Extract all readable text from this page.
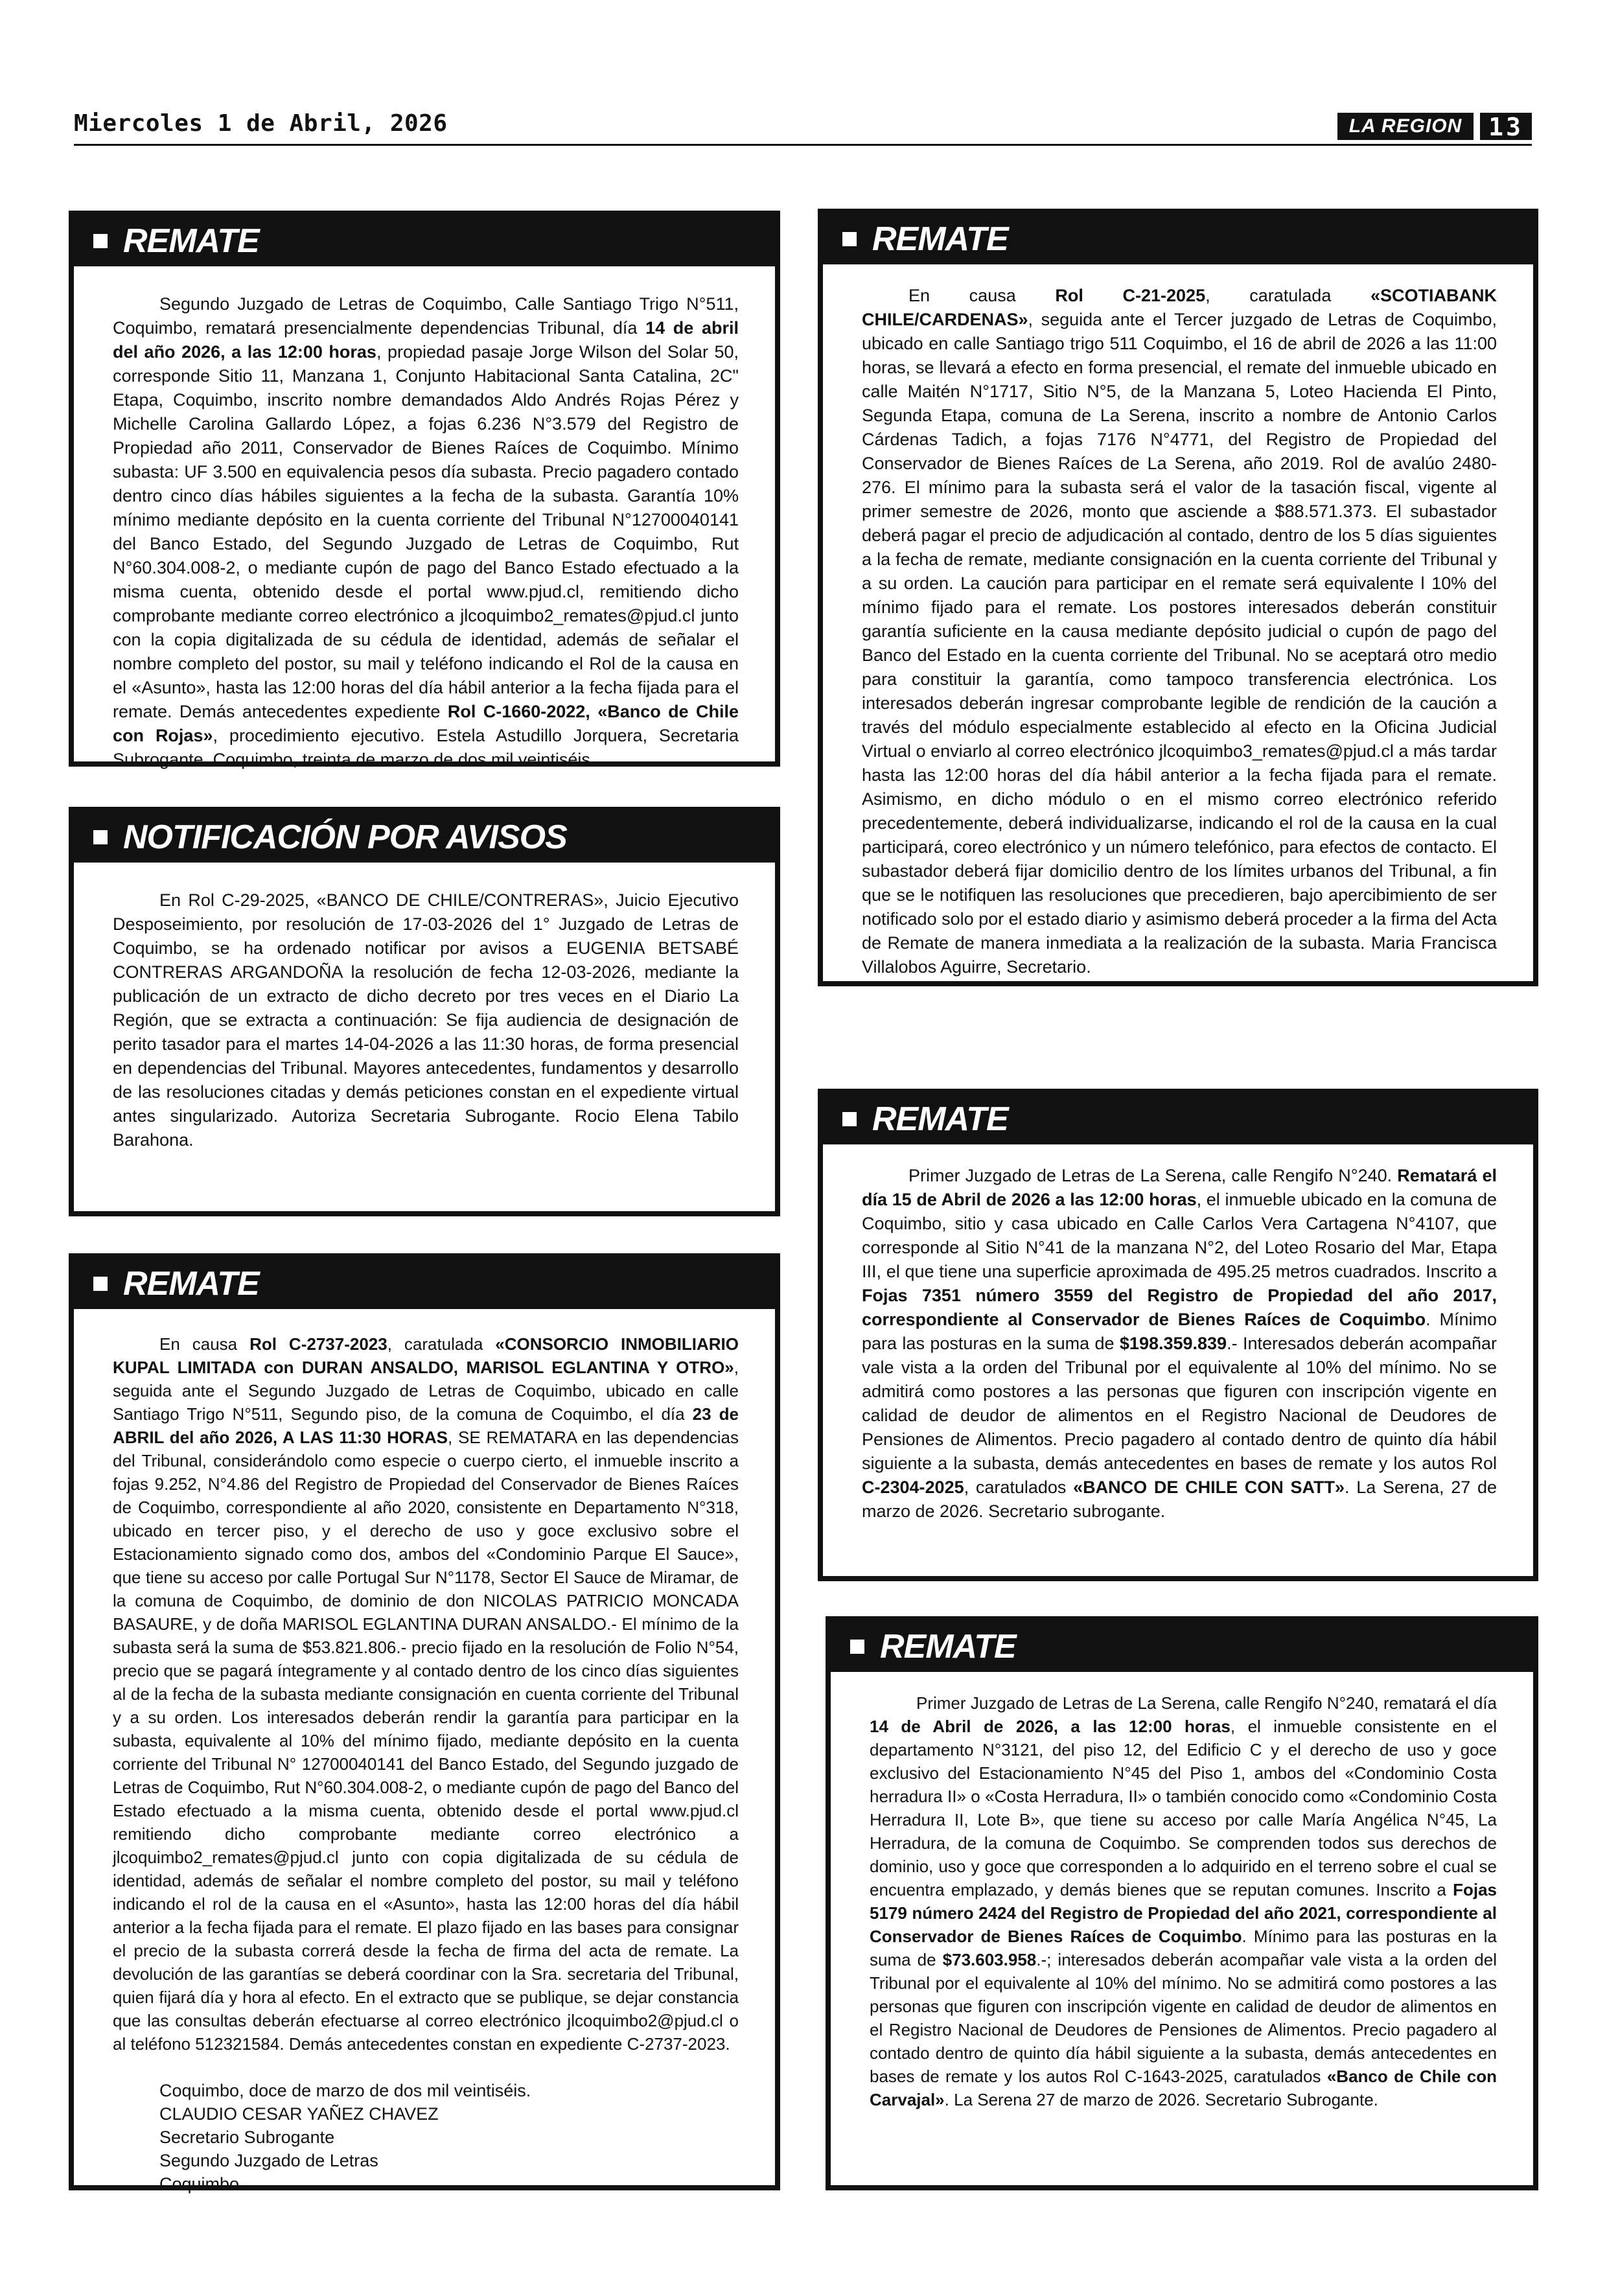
Miercoles 1 de Abril, 2026	LA REGION	13
REMATE

Segundo Juzgado de Letras de Coquimbo, Calle Santiago Trigo N°511, Coquimbo, rematará presencialmente dependencias Tribunal, día 14 de abril del año 2026, a las 12:00 horas, propiedad pasaje Jorge Wilson del Solar 50, corresponde Sitio 11, Manzana 1, Conjunto Habitacional Santa Catalina, 2C" Etapa, Coquimbo, inscrito nombre demandados Aldo Andrés Rojas Pérez y Michelle Carolina Gallardo López, a fojas 6.236 N°3.579 del Registro de Propiedad año 2011, Conservador de Bienes Raíces de Coquimbo. Mínimo subasta: UF 3.500 en equivalencia pesos día subasta. Precio pagadero contado dentro cinco días hábiles siguientes a la fecha de la subasta. Garantía 10% mínimo mediante depósito en la cuenta corriente del Tribunal N°12700040141 del Banco Estado, del Segundo Juzgado de Letras de Coquimbo, Rut N°60.304.008-2, o mediante cupón de pago del Banco Estado efectuado a la misma cuenta, obtenido desde el portal www.pjud.cl, remitiendo dicho comprobante mediante correo electrónico a jlcoquimbo2_remates@pjud.cl junto con la copia digitalizada de su cédula de identidad, además de señalar el nombre completo del postor, su mail y teléfono indicando el Rol de la causa en el «Asunto», hasta las 12:00 horas del día hábil anterior a la fecha fijada para el remate. Demás antecedentes expediente Rol C-1660-2022, «Banco de Chile con Rojas», procedimiento ejecutivo. Estela Astudillo Jorquera, Secretaria Subrogante. Coquimbo, treinta de marzo de dos mil veintiséis.

NOTIFICACIÓN POR AVISOS

En Rol C-29-2025, «BANCO DE CHILE/CONTRERAS», Juicio Ejecutivo Desposeimiento, por resolución de 17-03-2026 del 1° Juzgado de Letras de Coquimbo, se ha ordenado notificar por avisos a EUGENIA BETSABÉ CONTRERAS ARGANDOÑA la resolución de fecha 12-03-2026, mediante la publicación de un extracto de dicho decreto por tres veces en el Diario La Región, que se extracta a continuación: Se fija audiencia de designación de perito tasador para el martes 14-04-2026 a las 11:30 horas, de forma presencial en dependencias del Tribunal. Mayores antecedentes, fundamentos y desarrollo de las resoluciones citadas y demás peticiones constan en el expediente virtual antes singularizado. Autoriza Secretaria Subrogante. Rocio Elena Tabilo Barahona.

REMATE

En causa Rol C-2737-2023, caratulada «CONSORCIO INMOBILIARIO KUPAL LIMITADA con DURAN ANSALDO, MARISOL EGLANTINA Y OTRO», seguida ante el Segundo Juzgado de Letras de Coquimbo, ubicado en calle Santiago Trigo N°511, Segundo piso, de la comuna de Coquimbo, el día 23 de ABRIL del año 2026, A LAS 11:30 HORAS, SE REMATARA en las dependencias del Tribunal, considerándolo como especie o cuerpo cierto, el inmueble inscrito a fojas 9.252, N°4.86 del Registro de Propiedad del Conservador de Bienes Raíces de Coquimbo, correspondiente al año 2020, consistente en Departamento N°318, ubicado en tercer piso, y el derecho de uso y goce exclusivo sobre el Estacionamiento signado como dos, ambos del «Condominio Parque El Sauce», que tiene su acceso por calle Portugal Sur N°1178, Sector El Sauce de Miramar, de la comuna de Coquimbo, de dominio de don NICOLAS PATRICIO MONCADA BASAURE, y de doña MARISOL EGLANTINA DURAN ANSALDO.- El mínimo de la subasta será la suma de $53.821.806.- precio fijado en la resolución de Folio N°54, precio que se pagará íntegramente y al contado dentro de los cinco días siguientes al de la fecha de la subasta mediante consignación en cuenta corriente del Tribunal y a su orden. Los interesados deberán rendir la garantía para participar en la subasta, equivalente al 10% del mínimo fijado, mediante depósito en la cuenta corriente del Tribunal N° 12700040141 del Banco Estado, del Segundo juzgado de Letras de Coquimbo, Rut N°60.304.008-2, o mediante cupón de pago del Banco del Estado efectuado a la misma cuenta, obtenido desde el portal www.pjud.cl remitiendo dicho comprobante mediante correo electrónico a jlcoquimbo2_remates@pjud.cl junto con copia digitalizada de su cédula de identidad, además de señalar el nombre completo del postor, su mail y teléfono indicando el rol de la causa en el «Asunto», hasta las 12:00 horas del día hábil anterior a la fecha fijada para el remate. El plazo fijado en las bases para consignar el precio de la subasta correrá desde la fecha de firma del acta de remate. La devolución de las garantías se deberá coordinar con la Sra. secretaria del Tribunal, quien fijará día y hora al efecto. En el extracto que se publique, se dejar constancia que las consultas deberán efectuarse al correo electrónico jlcoquimbo2@pjud.cl o al teléfono 512321584. Demás antecedentes constan en expediente C-2737-2023.

Coquimbo, doce de marzo de dos mil veintiséis.
CLAUDIO CESAR YAÑEZ CHAVEZ
Secretario Subrogante
Segundo Juzgado de Letras
Coquimbo
REMATE

En causa Rol C-21-2025, caratulada «SCOTIABANK CHILE/CARDENAS», seguida ante el Tercer juzgado de Letras de Coquimbo, ubicado en calle Santiago trigo 511 Coquimbo, el 16 de abril de 2026 a las 11:00 horas, se llevará a efecto en forma presencial, el remate del inmueble ubicado en calle Maitén N°1717, Sitio N°5, de la Manzana 5, Loteo Hacienda El Pinto, Segunda Etapa, comuna de La Serena, inscrito a nombre de Antonio Carlos Cárdenas Tadich, a fojas 7176 N°4771, del Registro de Propiedad del Conservador de Bienes Raíces de La Serena, año 2019. Rol de avalúo 2480-276. El mínimo para la subasta será el valor de la tasación fiscal, vigente al primer semestre de 2026, monto que asciende a $88.571.373. El subastador deberá pagar el precio de adjudicación al contado, dentro de los 5 días siguientes a la fecha de remate, mediante consignación en la cuenta corriente del Tribunal y a su orden. La caución para participar en el remate será equivalente l 10% del mínimo fijado para el remate. Los postores interesados deberán constituir garantía suficiente en la causa mediante depósito judicial o cupón de pago del Banco del Estado en la cuenta corriente del Tribunal. No se aceptará otro medio para constituir la garantía, como tampoco transferencia electrónica. Los interesados deberán ingresar comprobante legible de rendición de la caución a través del módulo especialmente establecido al efecto en la Oficina Judicial Virtual o enviarlo al correo electrónico jlcoquimbo3_remates@pjud.cl a más tardar hasta las 12:00 horas del día hábil anterior a la fecha fijada para el remate. Asimismo, en dicho módulo o en el mismo correo electrónico referido precedentemente, deberá individualizarse, indicando el rol de la causa en la cual participará, coreo electrónico y un número telefónico, para efectos de contacto. El subastador deberá fijar domicilio dentro de los límites urbanos del Tribunal, a fin que se le notifiquen las resoluciones que precedieren, bajo apercibimiento de ser notificado solo por el estado diario y asimismo deberá proceder a la firma del Acta de Remate de manera inmediata a la realización de la subasta. Maria Francisca Villalobos Aguirre, Secretario.

REMATE

Primer Juzgado de Letras de La Serena, calle Rengifo N°240. Rematará el día 15 de Abril de 2026 a las 12:00 horas, el inmueble ubicado en la comuna de Coquimbo, sitio y casa ubicado en Calle Carlos Vera Cartagena N°4107, que corresponde al Sitio N°41 de la manzana N°2, del Loteo Rosario del Mar, Etapa III, el que tiene una superficie aproximada de 495.25 metros cuadrados. Inscrito a Fojas 7351 número 3559 del Registro de Propiedad del año 2017, correspondiente al Conservador de Bienes Raíces de Coquimbo. Mínimo para las posturas en la suma de $198.359.839.- Interesados deberán acompañar vale vista a la orden del Tribunal por el equivalente al 10% del mínimo. No se admitirá como postores a las personas que figuren con inscripción vigente en calidad de deudor de alimentos en el Registro Nacional de Deudores de Pensiones de Alimentos. Precio pagadero al contado dentro de quinto día hábil siguiente a la subasta, demás antecedentes en bases de remate y los autos Rol C-2304-2025, caratulados «BANCO DE CHILE CON SATT». La Serena, 27 de marzo de 2026. Secretario subrogante.

REMATE

Primer Juzgado de Letras de La Serena, calle Rengifo N°240, rematará el día 14 de Abril de 2026, a las 12:00 horas, el inmueble consistente en el departamento N°3121, del piso 12, del Edificio C y el derecho de uso y goce exclusivo del Estacionamiento N°45 del Piso 1, ambos del «Condominio Costa herradura II» o «Costa Herradura, II» o también conocido como «Condominio Costa Herradura II, Lote B», que tiene su acceso por calle María Angélica N°45, La Herradura, de la comuna de Coquimbo. Se comprenden todos sus derechos de dominio, uso y goce que corresponden a lo adquirido en el terreno sobre el cual se encuentra emplazado, y demás bienes que se reputan comunes. Inscrito a Fojas 5179 número 2424 del Registro de Propiedad del año 2021, correspondiente al Conservador de Bienes Raíces de Coquimbo. Mínimo para las posturas en la suma de $73.603.958.-; interesados deberán acompañar vale vista a la orden del Tribunal por el equivalente al 10% del mínimo. No se admitirá como postores a las personas que figuren con inscripción vigente en calidad de deudor de alimentos en el Registro Nacional de Deudores de Pensiones de Alimentos. Precio pagadero al contado dentro de quinto día hábil siguiente a la subasta, demás antecedentes en bases de remate y los autos Rol C-1643-2025, caratulados «Banco de Chile con Carvajal». La Serena 27 de marzo de 2026. Secretario Subrogante.
